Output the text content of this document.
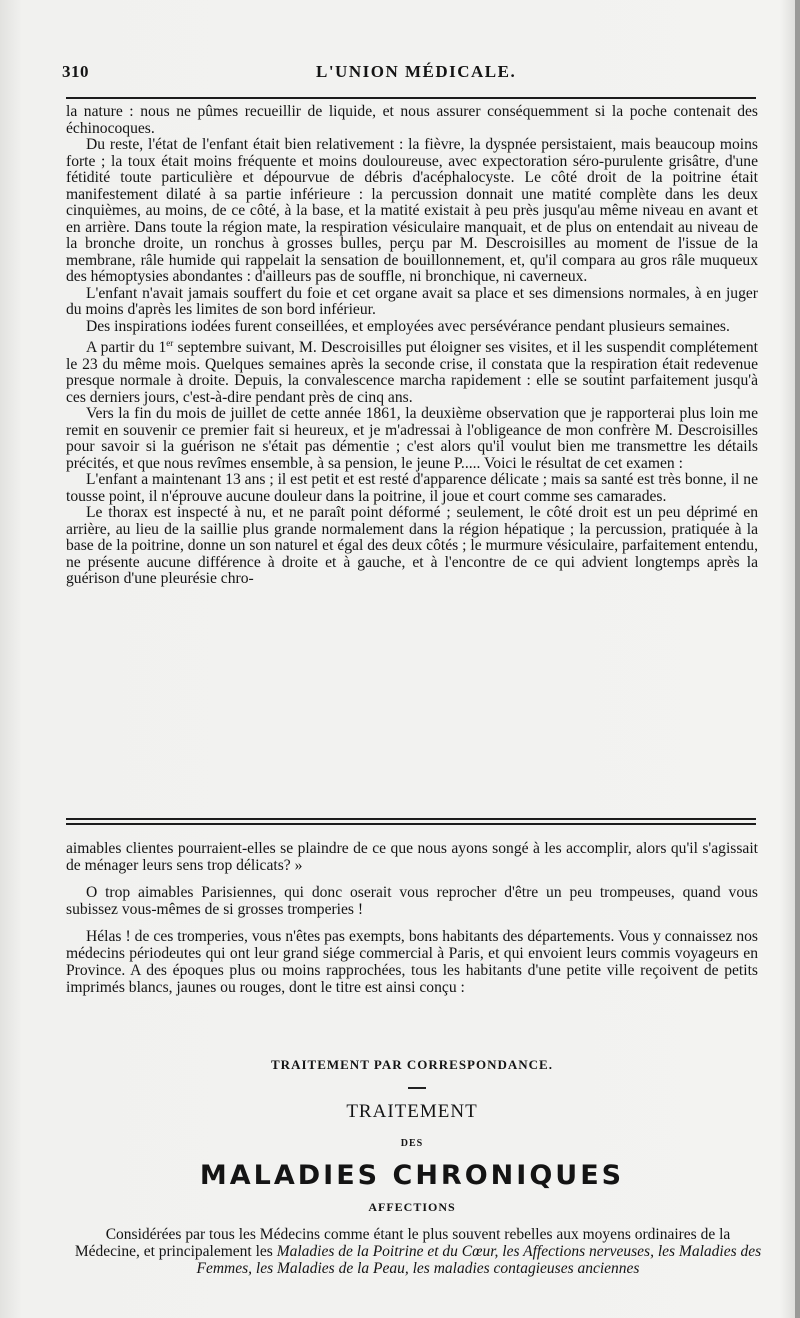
310	L'UNION MÉDICALE.

la nature : nous ne pûmes recueillir de liquide, et nous assurer conséquemment si la poche contenait des échinocoques.

Du reste, l'état de l'enfant était bien relativement : la fièvre, la dyspnée persistaient, mais beaucoup moins forte ; la toux était moins fréquente et moins douloureuse, avec expectoration séro-purulente grisâtre, d'une fétidité toute particulière et dépourvue de débris d'acéphalocyste. Le côté droit de la poitrine était manifestement dilaté à sa partie inférieure : la percussion donnait une matité complète dans les deux cinquièmes, au moins, de ce côté, à la base, et la matité existait à peu près jusqu'au même niveau en avant et en arrière. Dans toute la région mate, la respiration vésiculaire manquait, et de plus on entendait au niveau de la bronche droite, un ronchus à grosses bulles, perçu par M. Descroisilles au moment de l'issue de la membrane, râle humide qui rappelait la sensation de bouillonnement, et, qu'il compara au gros râle muqueux des hémoptysies abondantes : d'ailleurs pas de souffle, ni bronchique, ni caverneux.

L'enfant n'avait jamais souffert du foie et cet organe avait sa place et ses dimensions normales, à en juger du moins d'après les limites de son bord inférieur.

Des inspirations iodées furent conseillées, et employées avec persévérance pendant plusieurs semaines.

A partir du 1er septembre suivant, M. Descroisilles put éloigner ses visites, et il les suspendit complétement le 23 du même mois. Quelques semaines après la seconde crise, il constata que la respiration était redevenue presque normale à droite. Depuis, la convalescence marcha rapidement : elle se soutint parfaitement jusqu'à ces derniers jours, c'est-à-dire pendant près de cinq ans.

Vers la fin du mois de juillet de cette année 1861, la deuxième observation que je rapporterai plus loin me remit en souvenir ce premier fait si heureux, et je m'adressai à l'obligeance de mon confrère M. Descroisilles pour savoir si la guérison ne s'était pas démentie ; c'est alors qu'il voulut bien me transmettre les détails précités, et que nous revîmes ensemble, à sa pension, le jeune P..... Voici le résultat de cet examen :

L'enfant a maintenant 13 ans ; il est petit et est resté d'apparence délicate ; mais sa santé est très bonne, il ne tousse point, il n'éprouve aucune douleur dans la poitrine, il joue et court comme ses camarades.

Le thorax est inspecté à nu, et ne paraît point déformé ; seulement, le côté droit est un peu déprimé en arrière, au lieu de la saillie plus grande normalement dans la région hépatique ; la percussion, pratiquée à la base de la poitrine, donne un son naturel et égal des deux côtés ; le murmure vésiculaire, parfaitement entendu, ne présente aucune différence à droite et à gauche, et à l'encontre de ce qui advient longtemps après la guérison d'une pleurésie chro-

aimables clientes pourraient-elles se plaindre de ce que nous ayons songé à les accomplir, alors qu'il s'agissait de ménager leurs sens trop délicats? »

O trop aimables Parisiennes, qui donc oserait vous reprocher d'être un peu trompeuses, quand vous subissez vous-mêmes de si grosses tromperies !

Hélas ! de ces tromperies, vous n'êtes pas exempts, bons habitants des départements. Vous y connaissez nos médecins périodeutes qui ont leur grand siége commercial à Paris, et qui envoient leurs commis voyageurs en Province. A des époques plus ou moins rapprochées, tous les habitants d'une petite ville reçoivent de petits imprimés blancs, jaunes ou rouges, dont le titre est ainsi conçu :

TRAITEMENT PAR CORRESPONDANCE.
TRAITEMENT
DES
MALADIES CHRONIQUES
AFFECTIONS
Considérées par tous les Médecins comme étant le plus souvent rebelles aux moyens ordinaires de la Médecine, et principalement les Maladies de la Poitrine et du Cœur, les Affections nerveuses, les Maladies des Femmes, les Maladies de la Peau, les maladies contagieuses anciennes
